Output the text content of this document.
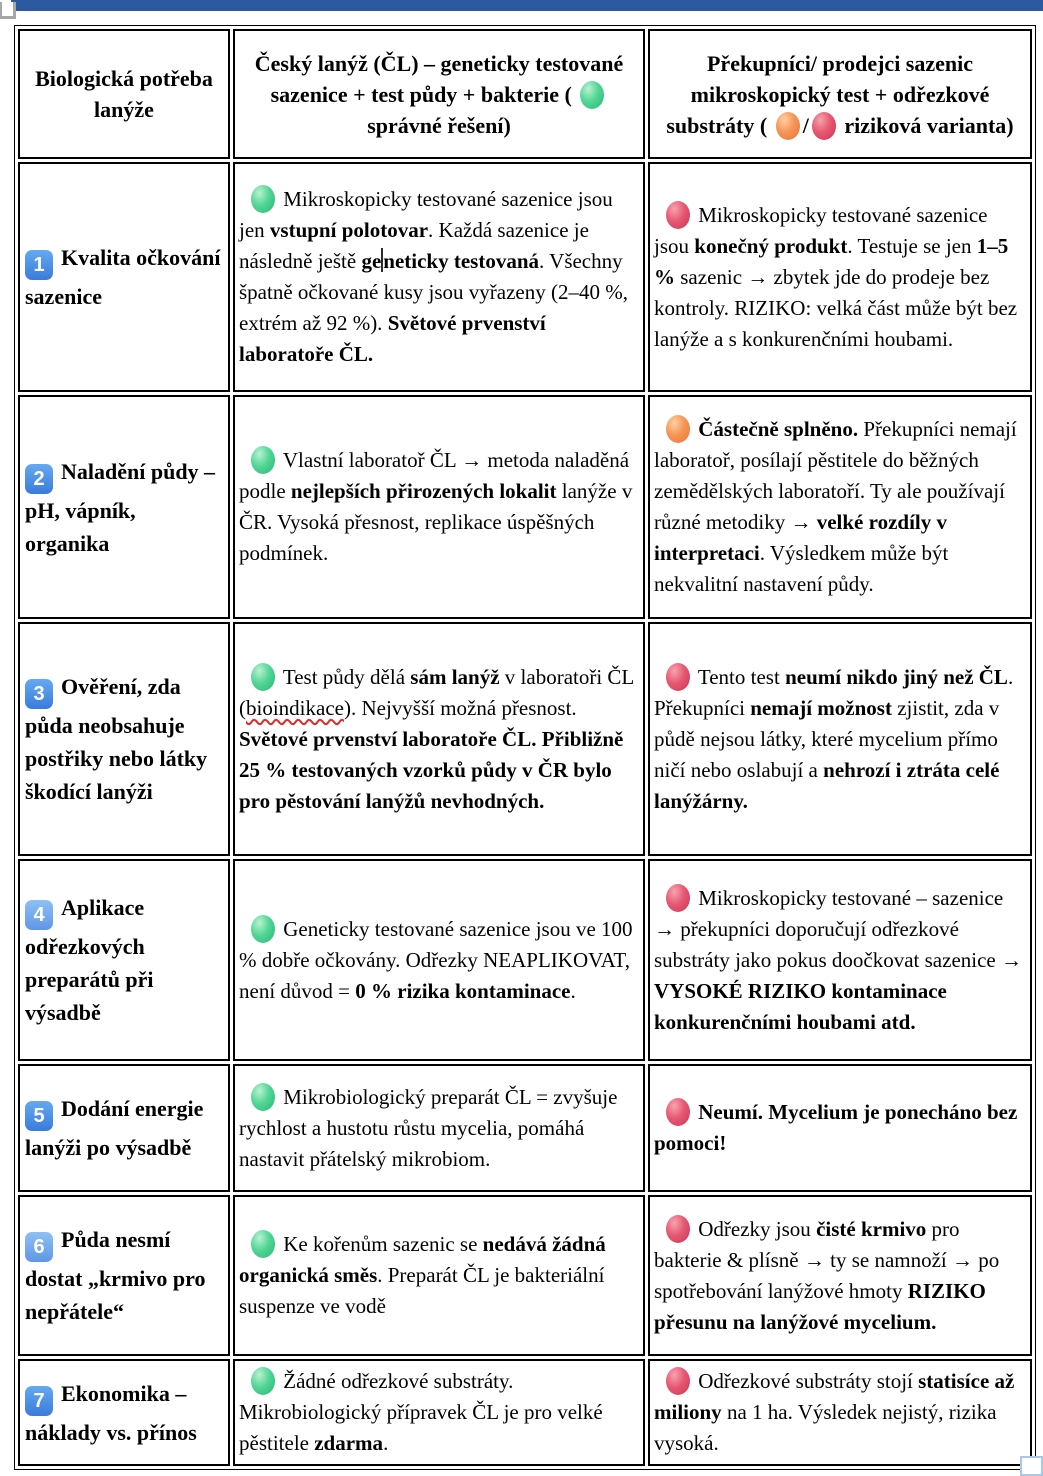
Biologická potřeba lanýže	Český lanýž (ČL) – geneticky testované sazenice + test půdy + bakterie (  správné řešení)	Překupníci/ prodejci sazenic mikroskopický test + odřezkové substráty ( / riziková varianta)
1 Kvalita očkování sazenice	Mikroskopicky testované sazenice jsou jen vstupní polotovar. Každá sazenice je následně ještě geneticky testovaná. Všechny špatně očkované kusy jsou vyřazeny (2–40 %, extrém až 92 %). Světové prvenství laboratoře ČL.	Mikroskopicky testované sazenice jsou konečný produkt. Testuje se jen 1–5 % sazenic → zbytek jde do prodeje bez kontroly. RIZIKO: velká část může být bez lanýže a s konkurenčními houbami.
2 Naladění půdy – pH, vápník, organika	Vlastní laboratoř ČL → metoda naladěná podle nejlepších přirozených lokalit lanýže v ČR. Vysoká přesnost, replikace úspěšných podmínek.	Částečně splněno. Překupníci nemají laboratoř, posílají pěstitele do běžných zemědělských laboratoří. Ty ale používají různé metodiky → velké rozdíly v interpretaci. Výsledkem může být nekvalitní nastavení půdy.
3 Ověření, zda půda neobsahuje postřiky nebo látky škodící lanýži	Test půdy dělá sám lanýž v laboratoři ČL (bioindikace). Nejvyšší možná přesnost. Světové prvenství laboratoře ČL. Přibližně 25 % testovaných vzorků půdy v ČR bylo pro pěstování lanýžů nevhodných.	Tento test neumí nikdo jiný než ČL. Překupníci nemají možnost zjistit, zda v půdě nejsou látky, které mycelium přímo ničí nebo oslabují a nehrozí i ztráta celé lanýžárny.
4 Aplikace odřezkových preparátů při výsadbě	Geneticky testované sazenice jsou ve 100 % dobře očkovány. Odřezky NEAPLIKOVAT, není důvod = 0 % rizika kontaminace.	Mikroskopicky testované – sazenice → překupníci doporučují odřezkové substráty jako pokus doočkovat sazenice → VYSOKÉ RIZIKO kontaminace konkurenčními houbami atd.
5 Dodání energie lanýži po výsadbě	Mikrobiologický preparát ČL = zvyšuje rychlost a hustotu růstu mycelia, pomáhá nastavit přátelský mikrobiom.	Neumí. Mycelium je ponecháno bez pomoci!
6 Půda nesmí dostat „krmivo pro nepřátele“	Ke kořenům sazenic se nedává žádná organická směs. Preparát ČL je bakteriální suspenze ve vodě	Odřezky jsou čisté krmivo pro bakterie & plísně → ty se namnoží → po spotřebování lanýžové hmoty RIZIKO přesunu na lanýžové mycelium.
7 Ekonomika – náklady vs. přínos	Žádné odřezkové substráty. Mikrobiologický přípravek ČL je pro velké pěstitele zdarma.	Odřezkové substráty stojí statisíce až miliony na 1 ha. Výsledek nejistý, rizika vysoká.
